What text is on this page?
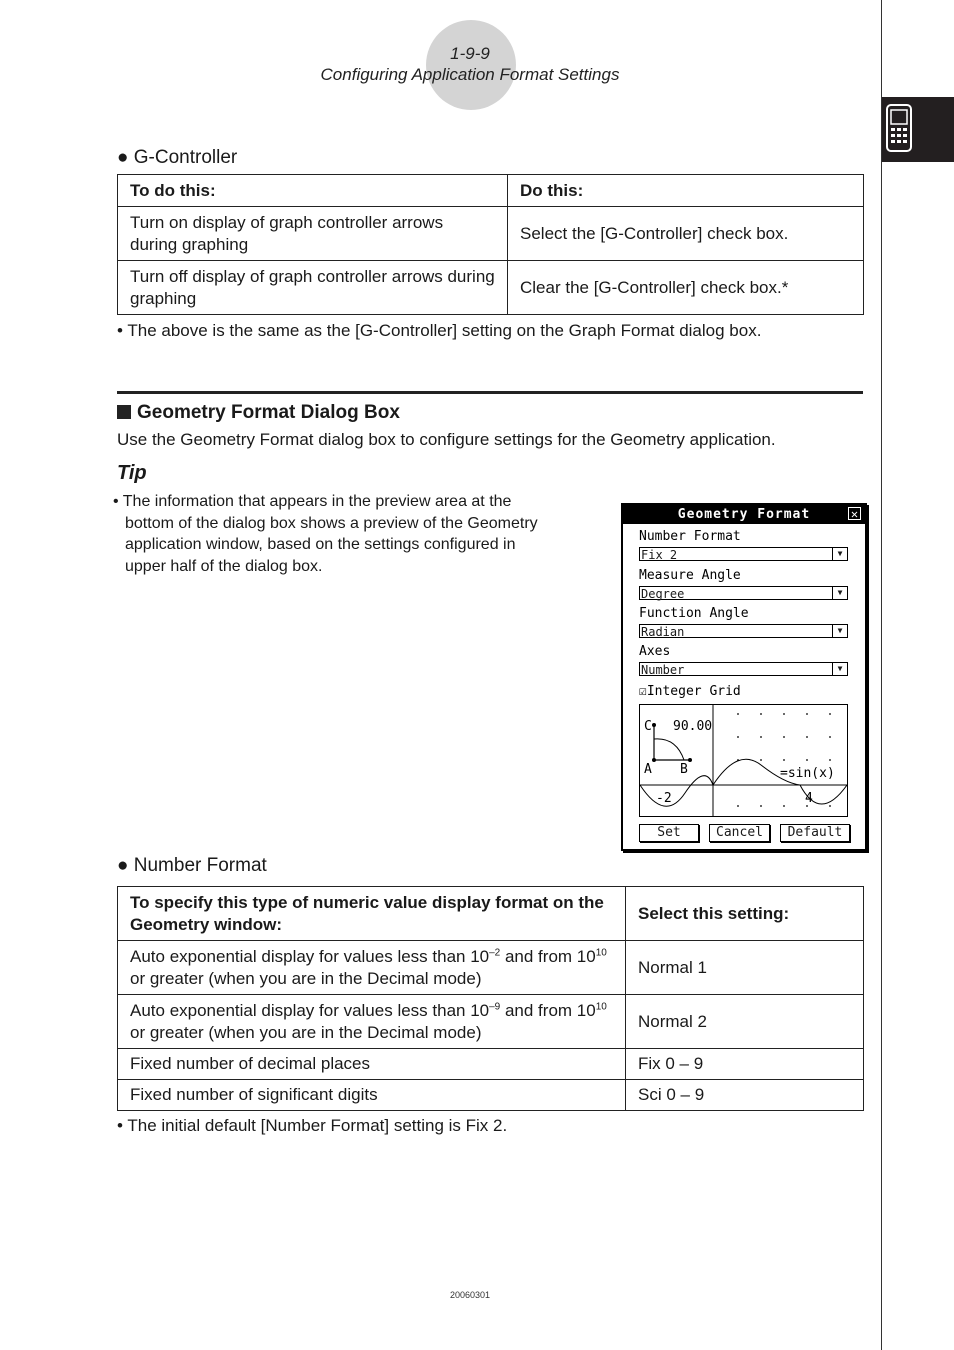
1-9-9
Configuring Application Format Settings
● G-Controller
To do this:	Do this:
Turn on display of graph controller arrows during graphing	Select the [G-Controller] check box.
Turn off display of graph controller arrows during graphing	Clear the [G-Controller] check box.*
• The above is the same as the [G-Controller] setting on the Graph Format dialog box.
Geometry Format Dialog Box
Use the Geometry Format dialog box to configure settings for the Geometry application.
Tip
• The information that appears in the preview area at the bottom of the dialog box shows a preview of the Geometry application window, based on the settings configured in upper half of the dialog box.
Geometry Format	✕
Number Format
Fix 2	▼
Measure Angle
Degree	▼
Function Angle
Radian	▼
Axes
Number	▼
☑Integer Grid
C 90.00
A B	=sin(x)
-2	4
Set	Cancel	Default
● Number Format
To specify this type of numeric value display format on the Geometry window:	Select this setting:
Auto exponential display for values less than $10^{-2}$ and from $10^{10}$ or greater (when you are in the Decimal mode)	Normal 1
Auto exponential display for values less than $10^{-9}$ and from $10^{10}$ or greater (when you are in the Decimal mode)	Normal 2
Fixed number of decimal places	Fix 0 – 9
Fixed number of significant digits	Sci 0 – 9
• The initial default [Number Format] setting is Fix 2.
20060301
